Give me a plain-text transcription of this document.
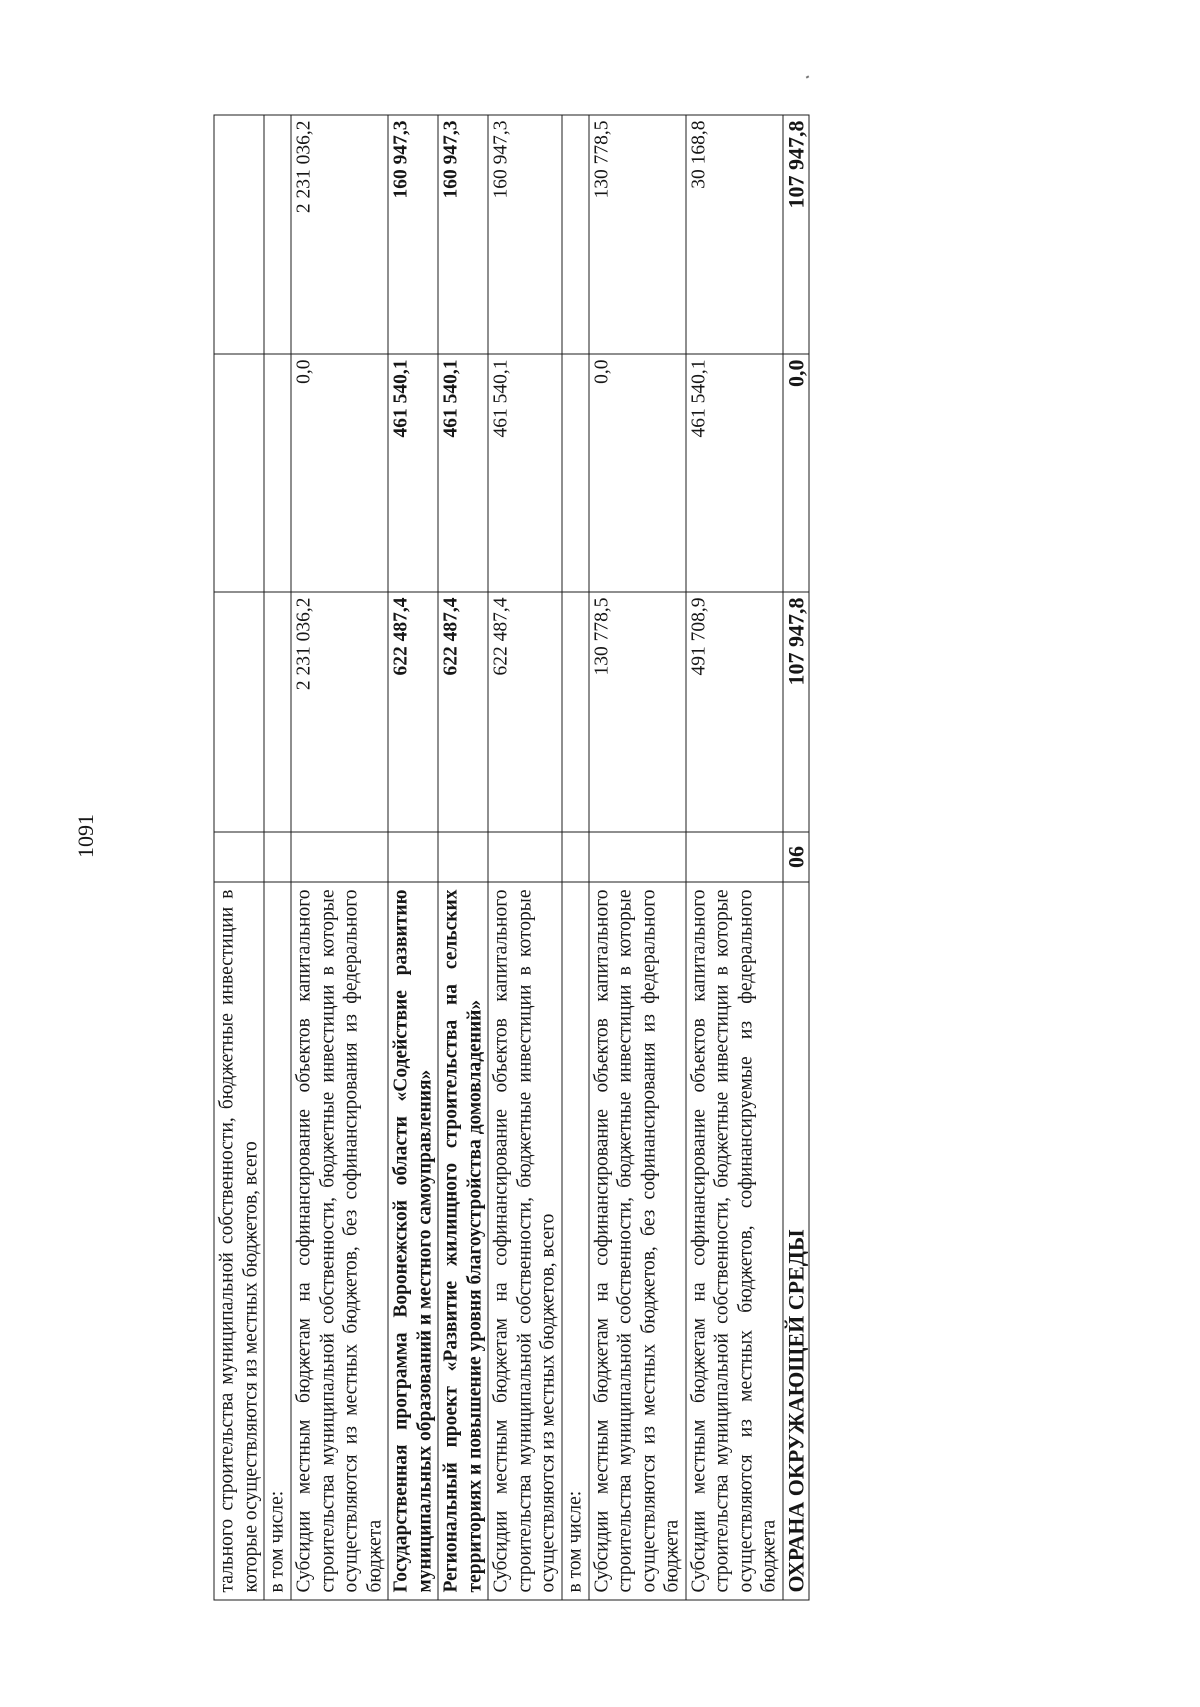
1091
тального строительства муниципальной собственности, бюджетные инвестиции в которые осуществляются из местных бюджетов, всего				
в том числе:				
Субсидии местным бюджетам на софинансирование объектов капитального строительства муниципальной собственности, бюджетные инвестиции в которые осуществляются из местных бюджетов, без софинансирования из федерального бюджета		2 231 036,2	0,0	2 231 036,2
Государственная программа Воронежской области «Содействие развитию муниципальных образований и местного самоуправления»		622 487,4	461 540,1	160 947,3
Региональный проект «Развитие жилищного строительства на сельских территориях и повышение уровня благоустройства домовладений»		622 487,4	461 540,1	160 947,3
Субсидии местным бюджетам на софинансирование объектов капитального строительства муниципальной собственности, бюджетные инвестиции в которые осуществляются из местных бюджетов, всего		622 487,4	461 540,1	160 947,3
в том числе:				
Субсидии местным бюджетам на софинансирование объектов капитального строительства муниципальной собственности, бюджетные инвестиции в которые осуществляются из местных бюджетов, без софинансирования из федерального бюджета		130 778,5	0,0	130 778,5
Субсидии местным бюджетам на софинансирование объектов капитального строительства муниципальной собственности, бюджетные инвестиции в которые осуществляются из местных бюджетов, софинансируемые из федерального бюджета		491 708,9	461 540,1	30 168,8
ОХРАНА ОКРУЖАЮЩЕЙ СРЕДЫ	06	107 947,8	0,0	107 947,8
